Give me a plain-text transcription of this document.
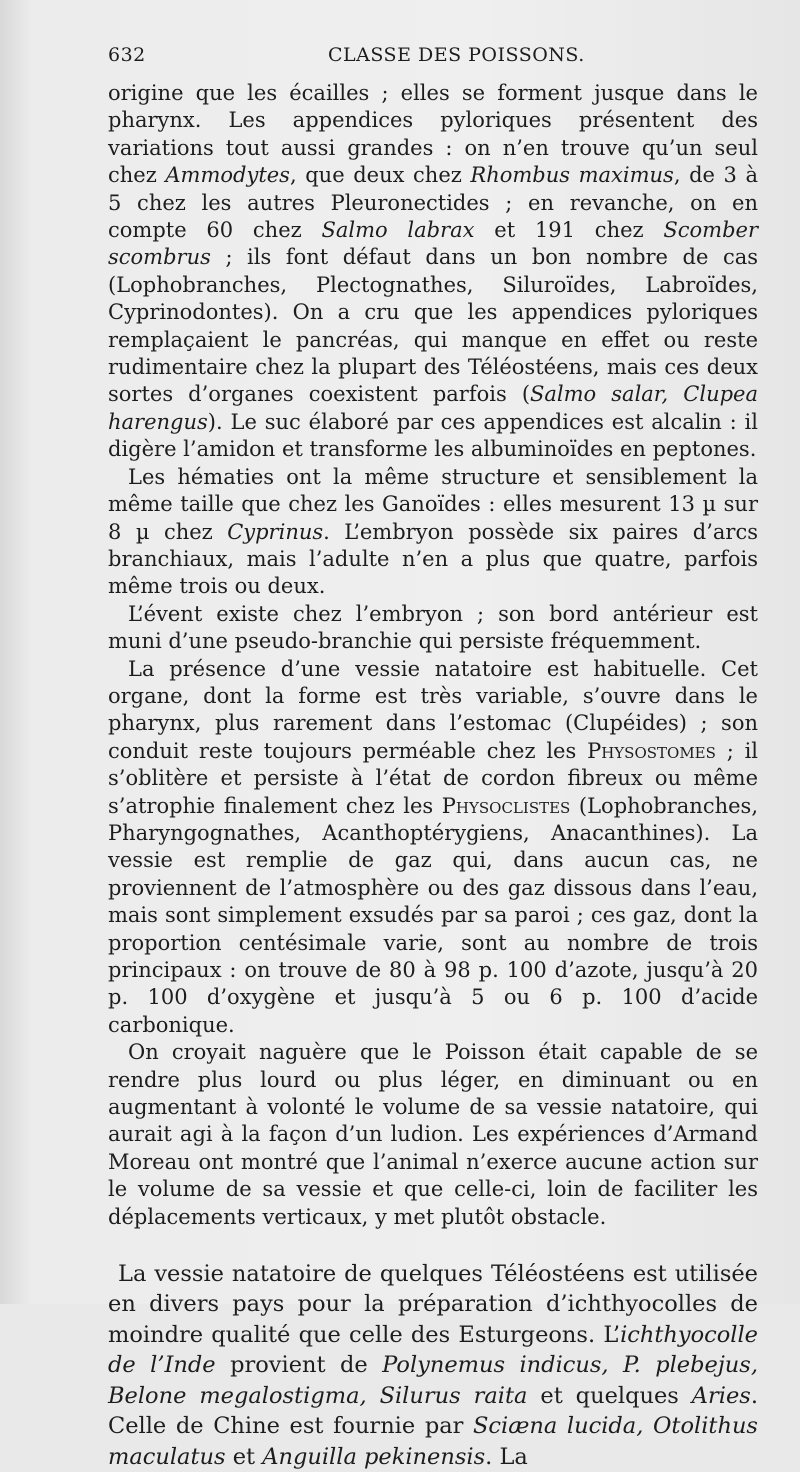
632	CLASSE DES POISSONS.

origine que les écailles ; elles se forment jusque dans le pharynx. Les appendices pyloriques présentent des variations tout aussi grandes : on n’en trouve qu’un seul chez Ammodytes, que deux chez Rhombus maximus, de 3 à 5 chez les autres Pleuronectides ; en revanche, on en compte 60 chez Salmo labrax et 191 chez Scomber scombrus ; ils font défaut dans un bon nombre de cas (Lophobranches, Plectognathes, Siluroïdes, Labroïdes, Cyprinodontes). On a cru que les appendices pyloriques remplaçaient le pancréas, qui manque en effet ou reste rudimentaire chez la plupart des Téléostéens, mais ces deux sortes d’organes coexistent parfois (Salmo salar, Clupea harengus). Le suc élaboré par ces appendices est alcalin : il digère l’amidon et transforme les albuminoïdes en peptones.

Les hématies ont la même structure et sensiblement la même taille que chez les Ganoïdes : elles mesurent 13 µ sur 8 µ chez Cyprinus. L’embryon possède six paires d’arcs branchiaux, mais l’adulte n’en a plus que quatre, parfois même trois ou deux.

L’évent existe chez l’embryon ; son bord antérieur est muni d’une pseudo-branchie qui persiste fréquemment.

La présence d’une vessie natatoire est habituelle. Cet organe, dont la forme est très variable, s’ouvre dans le pharynx, plus rarement dans l’estomac (Clupéides) ; son conduit reste toujours perméable chez les Physostomes ; il s’oblitère et persiste à l’état de cordon fibreux ou même s’atrophie finalement chez les Physoclistes (Lophobranches, Pharyngognathes, Acanthoptérygiens, Anacanthines). La vessie est remplie de gaz qui, dans aucun cas, ne proviennent de l’atmosphère ou des gaz dissous dans l’eau, mais sont simplement exsudés par sa paroi ; ces gaz, dont la proportion centésimale varie, sont au nombre de trois principaux : on trouve de 80 à 98 p. 100 d’azote, jusqu’à 20 p. 100 d’oxygène et jusqu’à 5 ou 6 p. 100 d’acide carbonique.

On croyait naguère que le Poisson était capable de se rendre plus lourd ou plus léger, en diminuant ou en augmentant à volonté le volume de sa vessie natatoire, qui aurait agi à la façon d’un ludion. Les expériences d’Armand Moreau ont montré que l’animal n’exerce aucune action sur le volume de sa vessie et que celle-ci, loin de faciliter les déplacements verticaux, y met plutôt obstacle.

La vessie natatoire de quelques Téléostéens est utilisée en divers pays pour la préparation d’ichthyocolles de moindre qualité que celle des Esturgeons. L’ichthyocolle de l’Inde provient de Polynemus indicus, P. plebejus, Belone megalostigma, Silurus raita et quelques Aries. Celle de Chine est fournie par Sciæna lucida, Otolithus maculatus et Anguilla pekinensis. La
